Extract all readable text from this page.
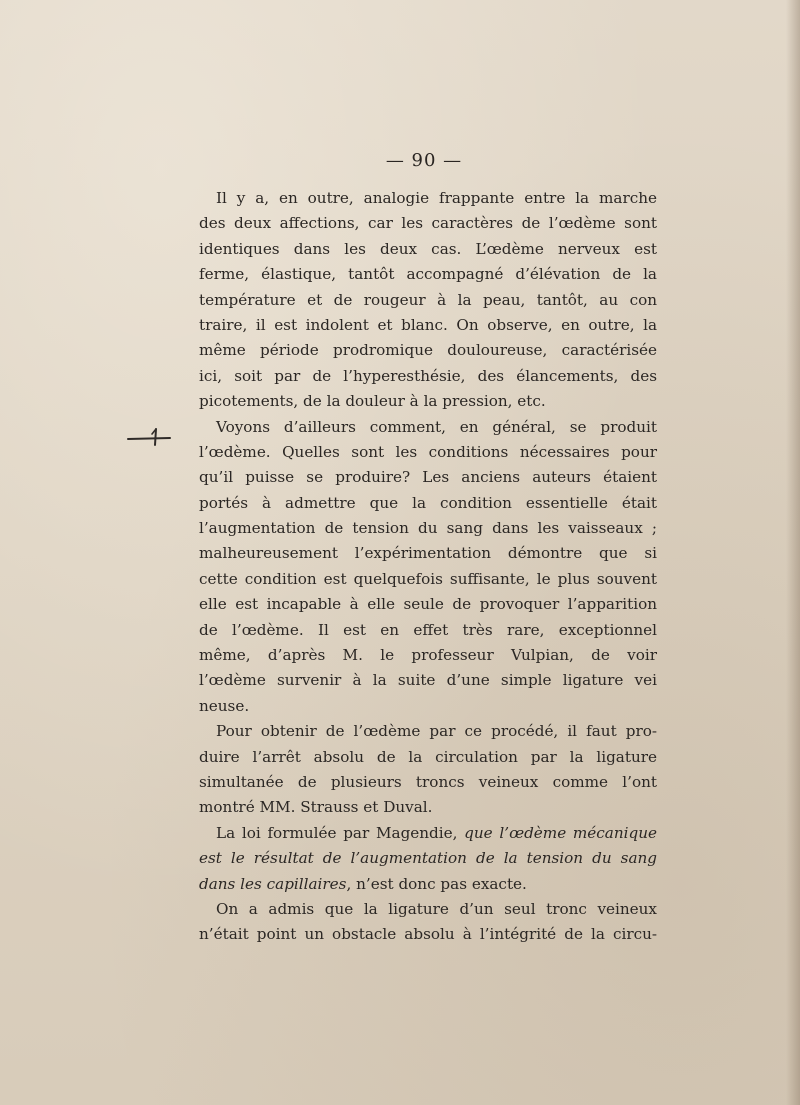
— 90 —
Il y a, en outre, analogie frappante entre la marche
des deux affections, car les caractères de l’œdème sont
identiques dans les deux cas. L’œdème nerveux est
ferme, élastique, tantôt accompagné d’élévation de la
température et de rougeur à la peau, tantôt, au con
traire, il est indolent et blanc. On observe, en outre, la
même période prodromique douloureuse, caractérisée
ici, soit par de l’hyperesthésie, des élancements, des
picotements, de la douleur à la pression, etc.
Voyons d’ailleurs comment, en général, se produit
l’œdème. Quelles sont les conditions nécessaires pour
qu’il puisse se produire? Les anciens auteurs étaient
portés à admettre que la condition essentielle était
l’augmentation de tension du sang dans les vaisseaux ;
malheureusement l’expérimentation démontre que si
cette condition est quelquefois suffisante, le plus souvent
elle est incapable à elle seule de provoquer l’apparition
de l’œdème. Il est en effet très rare, exceptionnel
même, d’après M. le professeur Vulpian, de voir
l’œdème survenir à la suite d’une simple ligature vei
neuse.
Pour obtenir de l’œdème par ce procédé, il faut pro-
duire l’arrêt absolu de la circulation par la ligature
simultanée de plusieurs troncs veineux comme l’ont
montré MM. Strauss et Duval.
La loi formulée par Magendie, que l’œdème mécanique
est le résultat de l’augmentation de la tension du sang
dans les capillaires, n’est donc pas exacte.
On a admis que la ligature d’un seul tronc veineux
n’était point un obstacle absolu à l’intégrité de la circu-
